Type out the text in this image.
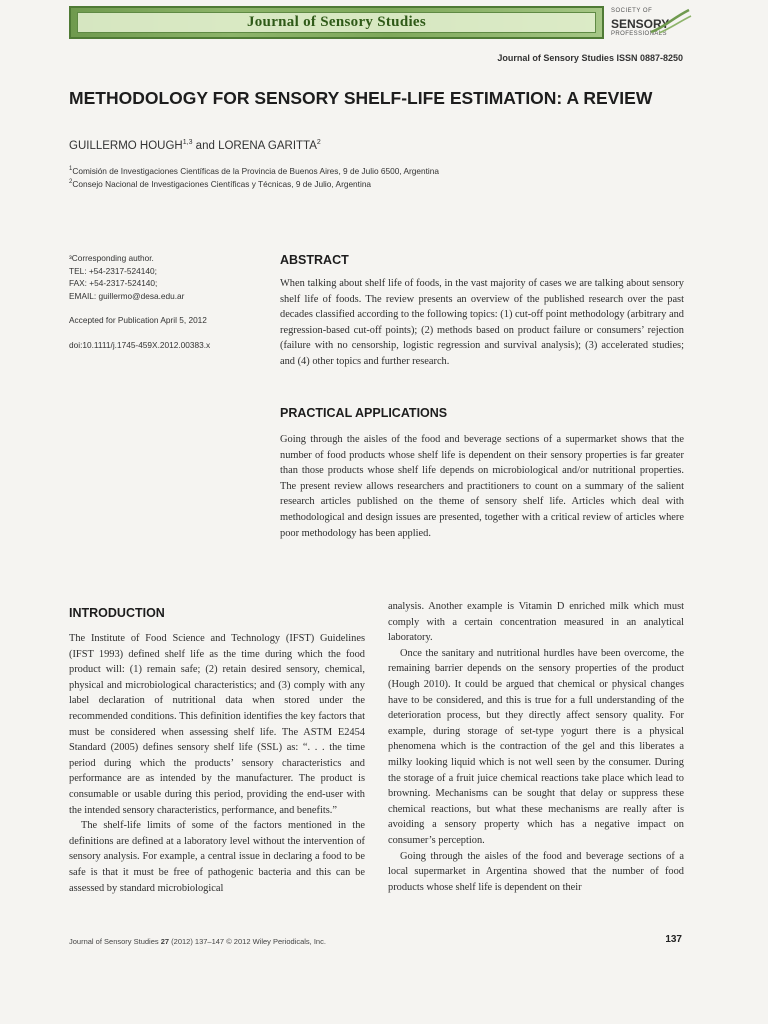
Journal of Sensory Studies
SOCIETY OF
SENSORY
PROFESSIONALS
Journal of Sensory Studies ISSN 0887-8250
METHODOLOGY FOR SENSORY SHELF-LIFE ESTIMATION: A REVIEW
GUILLERMO HOUGH$^{1,3}$ and LORENA GARITTA$^2$
$^1$Comisión de Investigaciones Científicas de la Provincia de Buenos Aires, 9 de Julio 6500, Argentina
$^2$Consejo Nacional de Investigaciones Científicas y Técnicas, 9 de Julio, Argentina
³Corresponding author.
TEL: +54-2317-524140;
FAX: +54-2317-524140;
EMAIL: guillermo@desa.edu.ar
Accepted for Publication April 5, 2012
doi:10.1111/j.1745-459X.2012.00383.x
ABSTRACT

When talking about shelf life of foods, in the vast majority of cases we are talking about sensory shelf life of foods. The review presents an overview of the published research over the past decades classified according to the following topics: (1) cut-off point methodology (arbitrary and regression-based cut-off points); (2) methods based on product failure or consumers’ rejection (failure with no censorship, logistic regression and survival analysis); (3) accelerated studies; and (4) other topics and further research.

PRACTICAL APPLICATIONS

Going through the aisles of the food and beverage sections of a supermarket shows that the number of food products whose shelf life is dependent on their sensory properties is far greater than those products whose shelf life depends on microbiological and/or nutritional properties. The present review allows researchers and practitioners to count on a summary of the salient research articles published on the theme of sensory shelf life. Articles which deal with methodological and design issues are presented, together with a critical review of articles where poor methodology has been applied.

INTRODUCTION

The Institute of Food Science and Technology (IFST) Guidelines (IFST 1993) defined shelf life as the time during which the food product will: (1) remain safe; (2) retain desired sensory, chemical, physical and microbiological characteristics; and (3) comply with any label declaration of nutritional data when stored under the recommended conditions. This definition identifies the key factors that must be considered when assessing shelf life. The ASTM E2454 Standard (2005) defines sensory shelf life (SSL) as: “. . . the time period during which the products’ sensory characteristics and performance are as intended by the manufacturer. The product is consumable or usable during this period, providing the end-user with the intended sensory characteristics, performance, and benefits.”

The shelf-life limits of some of the factors mentioned in the definitions are defined at a laboratory level without the intervention of sensory analysis. For example, a central issue in declaring a food to be safe is that it must be free of pathogenic bacteria and this can be assessed by standard microbiological

analysis. Another example is Vitamin D enriched milk which must comply with a certain concentration measured in an analytical laboratory.

Once the sanitary and nutritional hurdles have been overcome, the remaining barrier depends on the sensory properties of the product (Hough 2010). It could be argued that chemical or physical changes have to be considered, and this is true for a full understanding of the deterioration process, but they directly affect sensory quality. For example, during storage of set-type yogurt there is a physical phenomena which is the contraction of the gel and this liberates a milky looking liquid which is not well seen by the consumer. During the storage of a fruit juice chemical reactions take place which lead to browning. Mechanisms can be sought that delay or suppress these chemical reactions, but what these mechanisms are really after is avoiding a sensory property which has a negative impact on consumer’s perception.

Going through the aisles of the food and beverage sections of a local supermarket in Argentina showed that the number of food products whose shelf life is dependent on their

Journal of Sensory Studies 27 (2012) 137–147 © 2012 Wiley Periodicals, Inc.	137
